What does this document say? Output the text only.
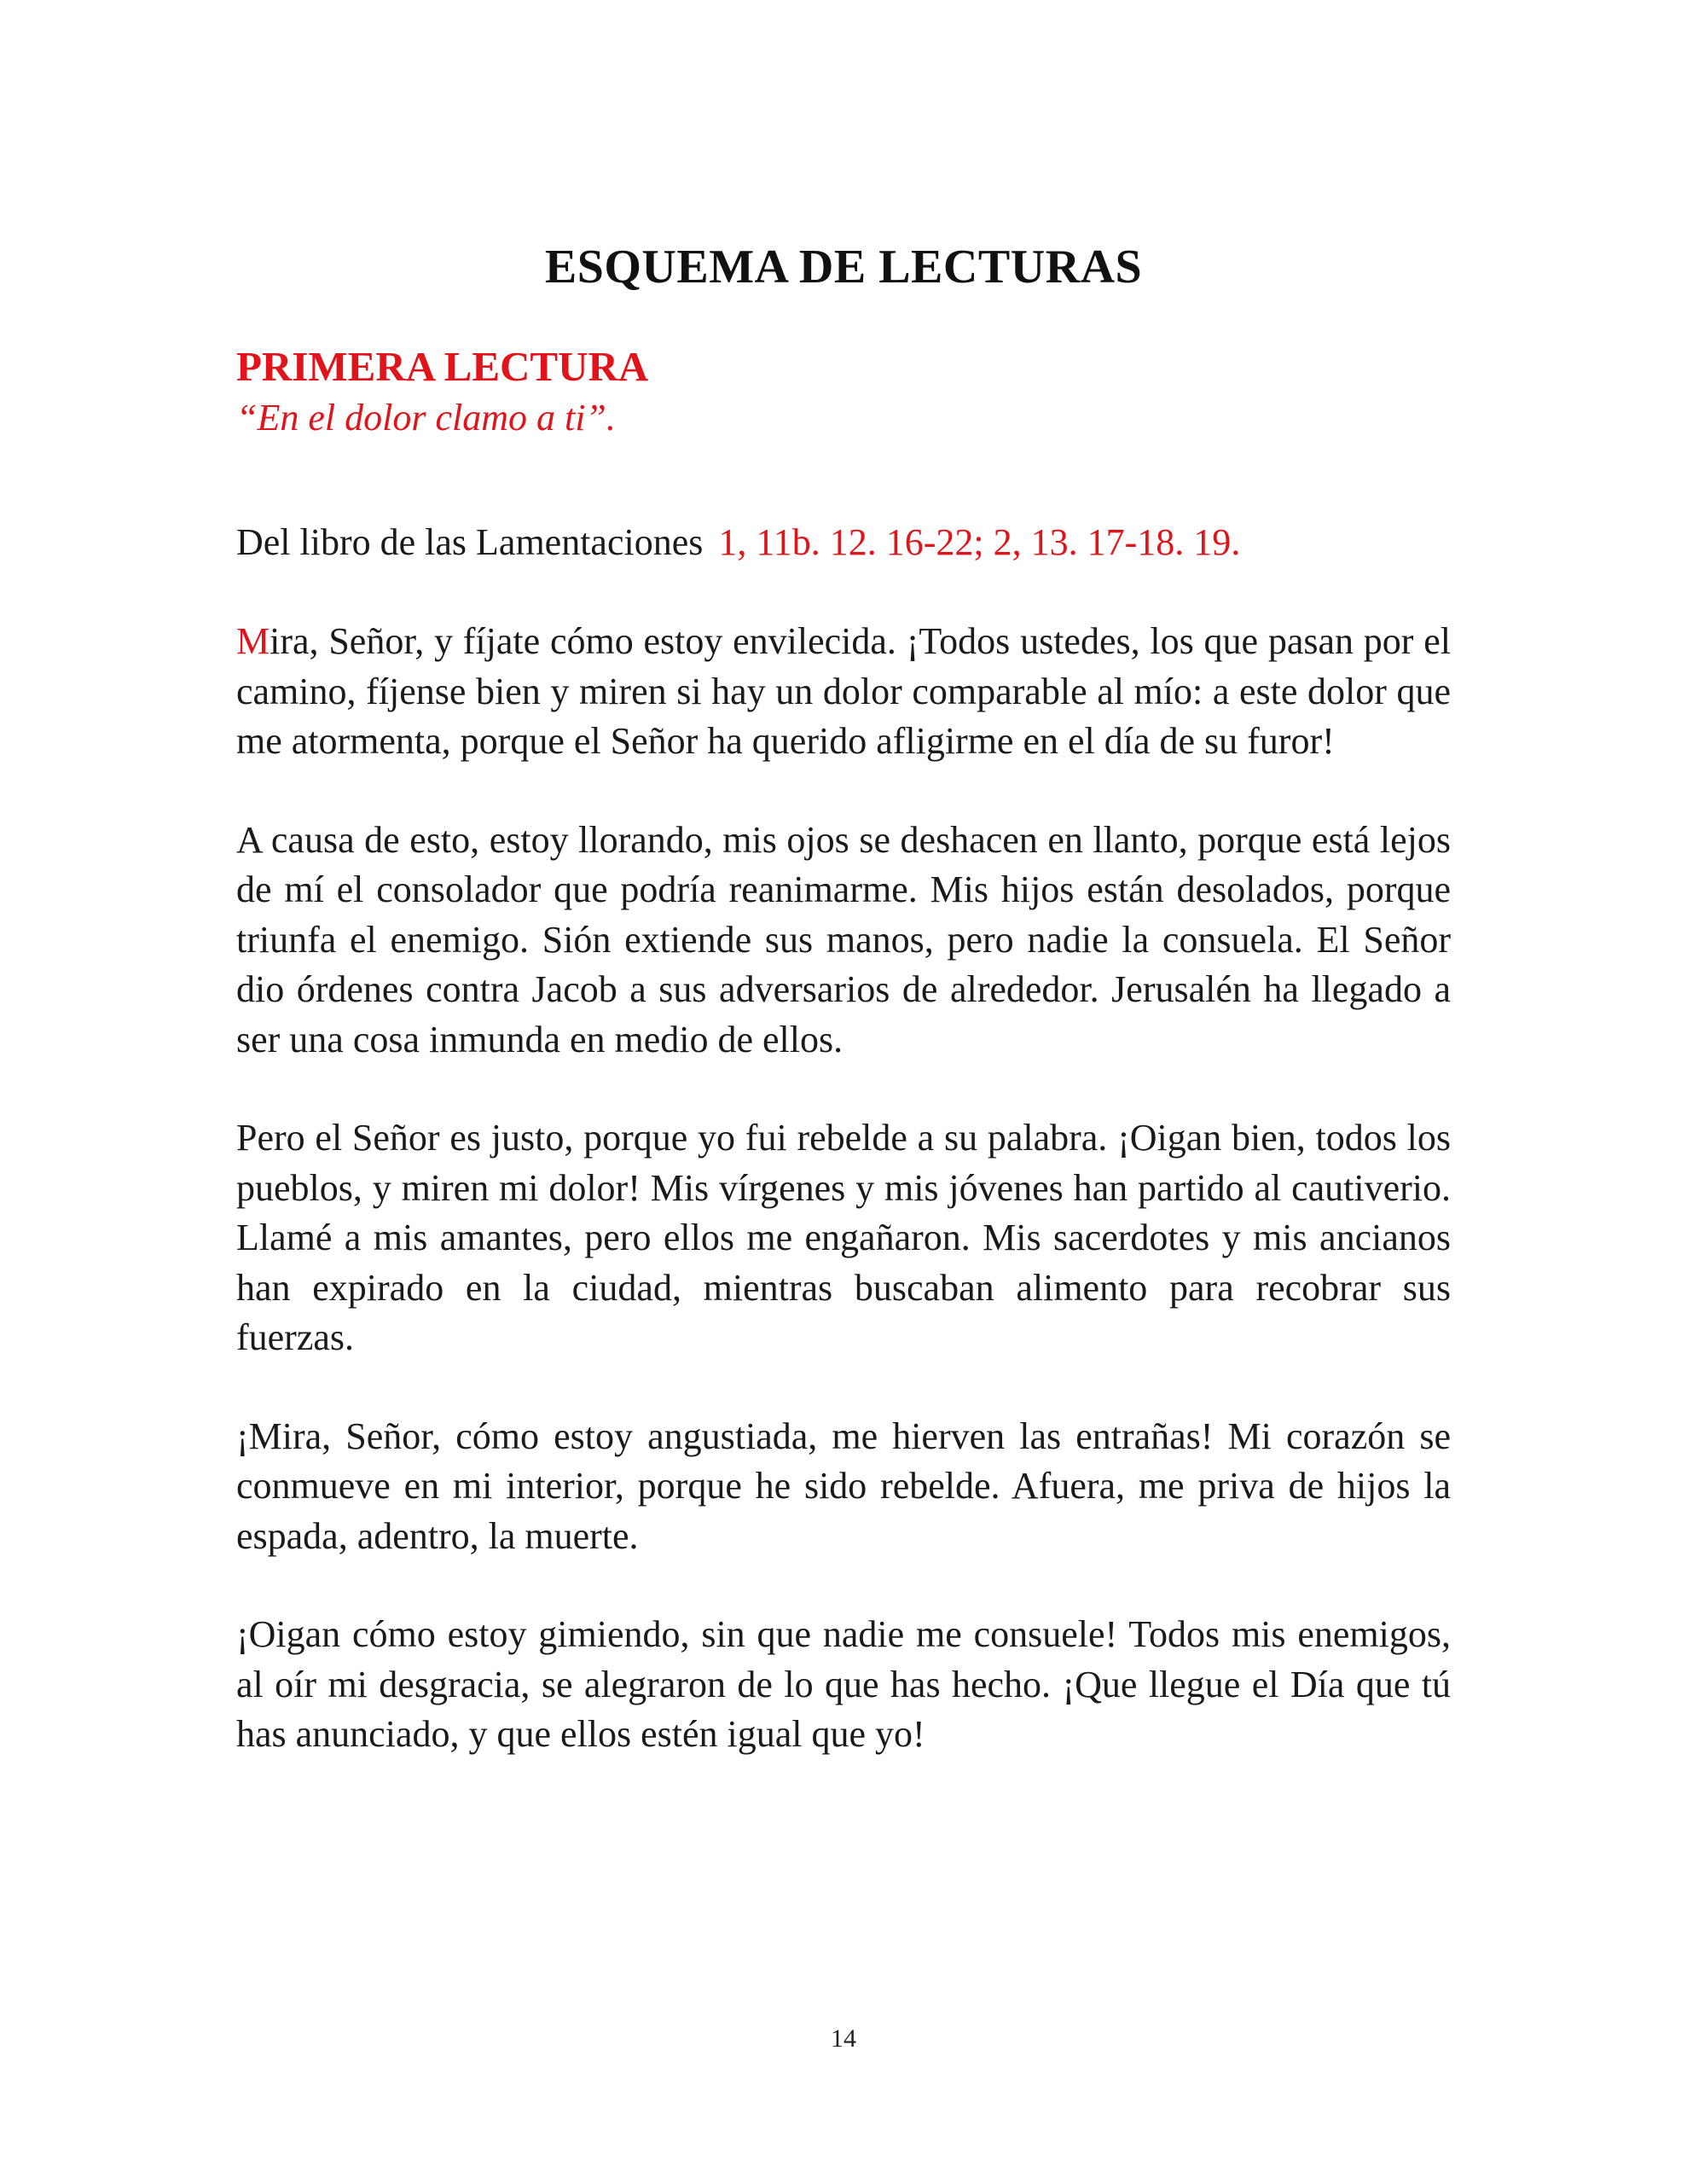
ESQUEMA DE LECTURAS
PRIMERA LECTURA

“En el dolor clamo a ti”.

Del libro de las Lamentaciones 1, 11b. 12. 16-22; 2, 13. 17-18. 19.

Mira, Señor, y fíjate cómo estoy envilecida. ¡Todos ustedes, los que pasan por el camino, fíjense bien y miren si hay un dolor comparable al mío: a este dolor que me atormenta, porque el Señor ha querido afligirme en el día de su furor!

A causa de esto, estoy llorando, mis ojos se deshacen en llanto, porque está lejos de mí el consolador que podría reanimarme. Mis hijos están desolados, porque triunfa el enemigo. Sión extiende sus manos, pero nadie la consuela. El Señor dio órdenes contra Jacob a sus adversarios de alrededor. Jerusalén ha llegado a ser una cosa inmunda en medio de ellos.

Pero el Señor es justo, porque yo fui rebelde a su palabra. ¡Oigan bien, todos los pueblos, y miren mi dolor! Mis vírgenes y mis jóvenes han partido al cautiverio. Llamé a mis amantes, pero ellos me engañaron. Mis sacerdotes y mis ancianos han expirado en la ciudad, mientras buscaban alimento para recobrar sus fuerzas.

¡Mira, Señor, cómo estoy angustiada, me hierven las entrañas! Mi corazón se conmueve en mi interior, porque he sido rebelde. Afuera, me priva de hijos la espada, adentro, la muerte.

¡Oigan cómo estoy gimiendo, sin que nadie me consuele! Todos mis enemigos, al oír mi desgracia, se alegraron de lo que has hecho. ¡Que llegue el Día que tú has anunciado, y que ellos estén igual que yo!

14
